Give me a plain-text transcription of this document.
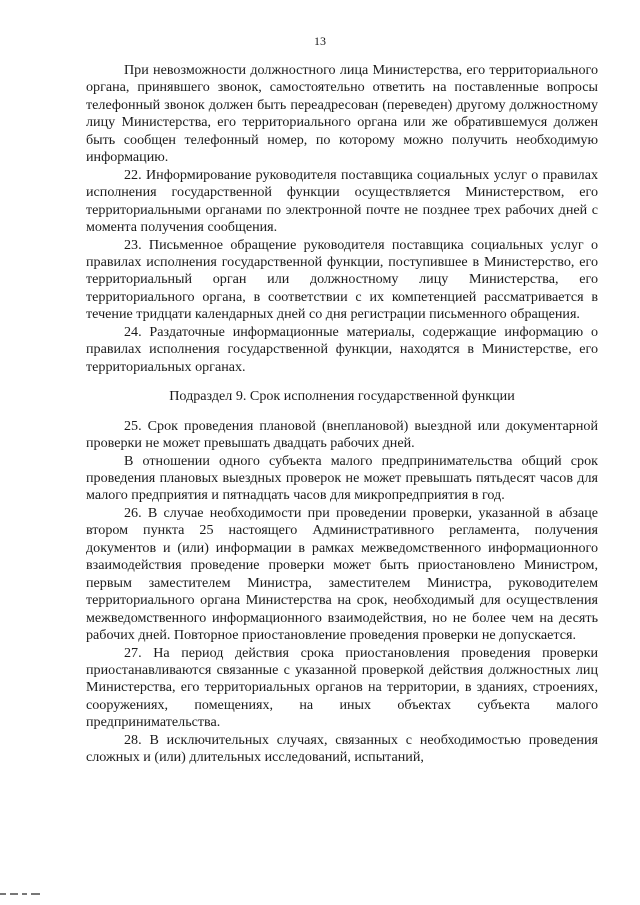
13

При невозможности должностного лица Министерства, его территориального органа, принявшего звонок, самостоятельно ответить на поставленные вопросы телефонный звонок должен быть переадресован (переведен) другому должностному лицу Министерства, его территориального органа или же обратившемуся должен быть сообщен телефонный номер, по которому можно получить необходимую информацию.

22. Информирование руководителя поставщика социальных услуг о правилах исполнения государственной функции осуществляется Министерством, его территориальными органами по электронной почте не позднее трех рабочих дней с момента получения сообщения.

23. Письменное обращение руководителя поставщика социальных услуг о правилах исполнения государственной функции, поступившее в Министерство, его территориальный орган или должностному лицу Министерства, его территориального органа, в соответствии с их компетенцией рассматривается в течение тридцати календарных дней со дня регистрации письменного обращения.

24. Раздаточные информационные материалы, содержащие информацию о правилах исполнения государственной функции, находятся в Министерстве, его территориальных органах.

Подраздел 9. Срок исполнения государственной функции

25. Срок проведения плановой (внеплановой) выездной или документарной проверки не может превышать двадцать рабочих дней.

В отношении одного субъекта малого предпринимательства общий срок проведения плановых выездных проверок не может превышать пятьдесят часов для малого предприятия и пятнадцать часов для микропредприятия в год.

26. В случае необходимости при проведении проверки, указанной в абзаце втором пункта 25 настоящего Административного регламента, получения документов и (или) информации в рамках межведомственного информационного взаимодействия проведение проверки может быть приостановлено Министром, первым заместителем Министра, заместителем Министра, руководителем территориального органа Министерства на срок, необходимый для осуществления межведомственного информационного взаимодействия, но не более чем на десять рабочих дней. Повторное приостановление проведения проверки не допускается.

27. На период действия срока приостановления проведения проверки приостанавливаются связанные с указанной проверкой действия должностных лиц Министерства, его территориальных органов на территории, в зданиях, строениях, сооружениях, помещениях, на иных объектах субъекта малого предпринимательства.

28. В исключительных случаях, связанных с необходимостью проведения сложных и (или) длительных исследований, испытаний,
